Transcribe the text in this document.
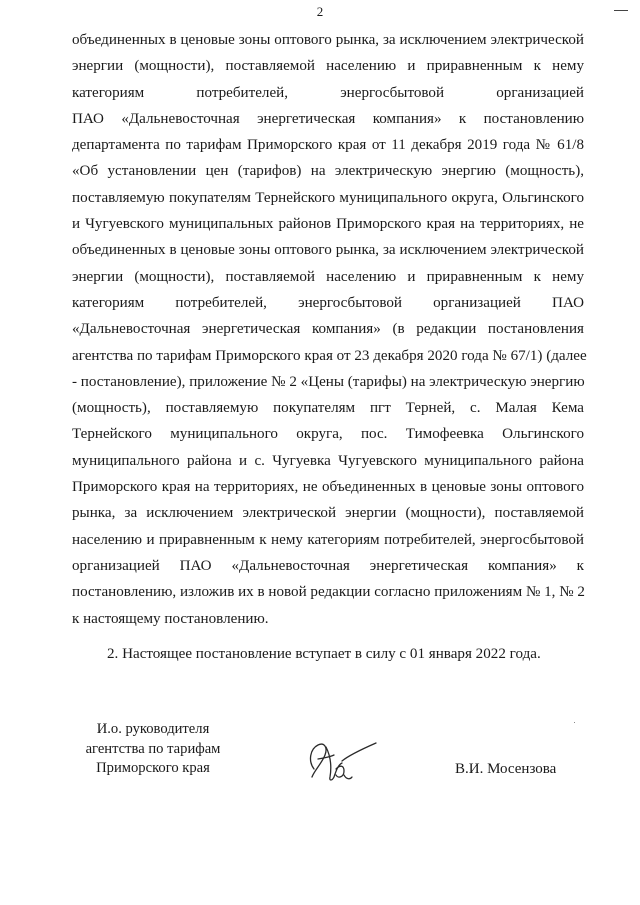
2
объединенных в ценовые зоны оптового рынка, за исключением электрической
энергии (мощности), поставляемой населению и приравненным к нему
категориям потребителей, энергосбытовой организацией
ПАО «Дальневосточная энергетическая компания» к постановлению
департамента по тарифам Приморского края от 11 декабря 2019 года № 61/8
«Об установлении цен (тарифов) на электрическую энергию (мощность),
поставляемую покупателям Тернейского муниципального округа, Ольгинского
и Чугуевского муниципальных районов Приморского края на территориях, не
объединенных в ценовые зоны оптового рынка, за исключением электрической
энергии (мощности), поставляемой населению и приравненным к нему
категориям потребителей, энергосбытовой организацией ПАО
«Дальневосточная энергетическая компания» (в редакции постановления
агентства по тарифам Приморского края от 23 декабря 2020 года № 67/1) (далее
- постановление), приложение № 2 «Цены (тарифы) на электрическую энергию
(мощность), поставляемую покупателям пгт Терней, с. Малая Кема
Тернейского муниципального округа, пос. Тимофеевка Ольгинского
муниципального района и с. Чугуевка Чугуевского муниципального района
Приморского края на территориях, не объединенных в ценовые зоны оптового
рынка, за исключением электрической энергии (мощности), поставляемой
населению и приравненным к нему категориям потребителей, энергосбытовой
организацией ПАО «Дальневосточная энергетическая компания» к
постановлению, изложив их в новой редакции согласно приложениям № 1, № 2
к настоящему постановлению.
2. Настоящее постановление вступает в силу с 01 января 2022 года.
И.о. руководителя
агентства по тарифам
Приморского края	В.И. Мосензова
